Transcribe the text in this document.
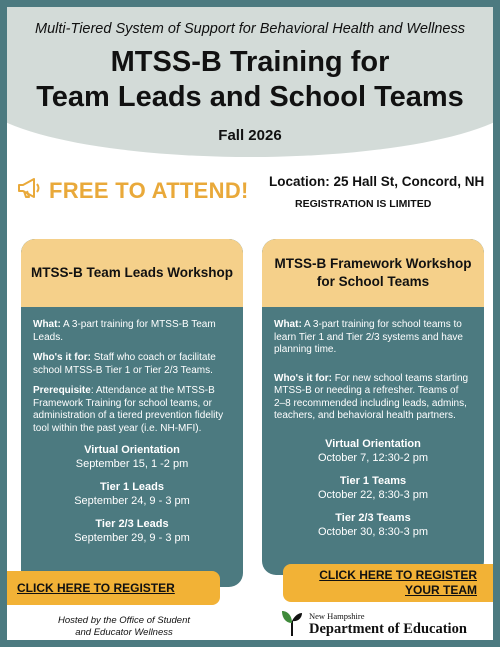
Multi-Tiered System of Support for Behavioral Health and Wellness
MTSS-B Training for
Team Leads and School Teams
Fall 2026
FREE TO ATTEND! Location: 25 Hall St, Concord, NH
REGISTRATION IS LIMITED
MTSS-B Team Leads Workshop

What: A 3-part training for MTSS-B Team Leads.

Who's it for: Staff who coach or facilitate school MTSS-B Tier 1 or Tier 2/3 Teams.

Prerequisite: Attendance at the MTSS-B Framework Training for school teams, or administration of a tiered prevention fidelity tool within the past year (i.e. NH-MFI).

Virtual Orientation
September 15, 1 -2 pm
Tier 1 Leads
September 24, 9 - 3 pm
Tier 2/3 Leads
September 29, 9 - 3 pm
MTSS-B Framework Workshop for School Teams

What: A 3-part training for school teams to learn Tier 1 and Tier 2/3 systems and have planning time.

Who's it for: For new school teams starting MTSS-B or needing a refresher. Teams of 2–8 recommended including leads, admins, teachers, and behavioral health partners.

Virtual Orientation
October 7, 12:30-2 pm
Tier 1 Teams
October 22, 8:30-3 pm
Tier 2/3 Teams
October 30, 8:30-3 pm
CLICK HERE TO REGISTER
CLICK HERE TO REGISTER
YOUR TEAM
Hosted by the Office of Student
and Educator Wellness
New Hampshire
Department of Education
